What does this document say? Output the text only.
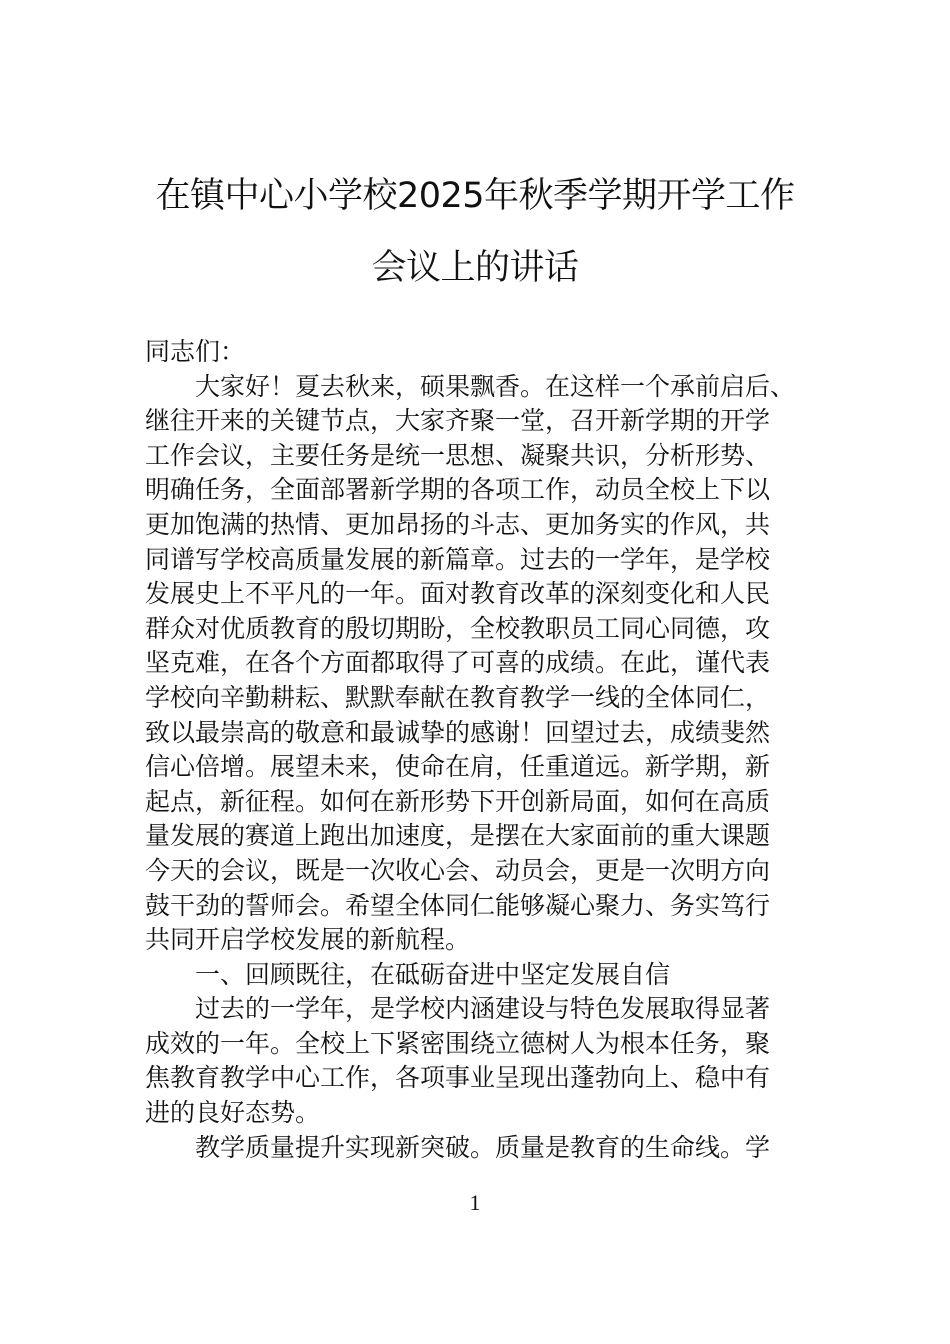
在镇中心小学校2025年秋季学期开学工作
会议上的讲话
同志们：
大家好！夏去秋来，硕果飘香。在这样一个承前启后、
继往开来的关键节点，大家齐聚一堂，召开新学期的开学
工作会议，主要任务是统一思想、凝聚共识，分析形势、
明确任务，全面部署新学期的各项工作，动员全校上下以
更加饱满的热情、更加昂扬的斗志、更加务实的作风，共
同谱写学校高质量发展的新篇章。过去的一学年，是学校
发展史上不平凡的一年。面对教育改革的深刻变化和人民
群众对优质教育的殷切期盼，全校教职员工同心同德，攻
坚克难，在各个方面都取得了可喜的成绩。在此，谨代表
学校向辛勤耕耘、默默奉献在教育教学一线的全体同仁，
致以最崇高的敬意和最诚挚的感谢！回望过去，成绩斐然
信心倍增。展望未来，使命在肩，任重道远。新学期，新
起点，新征程。如何在新形势下开创新局面，如何在高质
量发展的赛道上跑出加速度，是摆在大家面前的重大课题
今天的会议，既是一次收心会、动员会，更是一次明方向
鼓干劲的誓师会。希望全体同仁能够凝心聚力、务实笃行
共同开启学校发展的新航程。
一、回顾既往，在砥砺奋进中坚定发展自信
过去的一学年，是学校内涵建设与特色发展取得显著
成效的一年。全校上下紧密围绕立德树人为根本任务，聚
焦教育教学中心工作，各项事业呈现出蓬勃向上、稳中有
进的良好态势。
教学质量提升实现新突破。质量是教育的生命线。学
1
